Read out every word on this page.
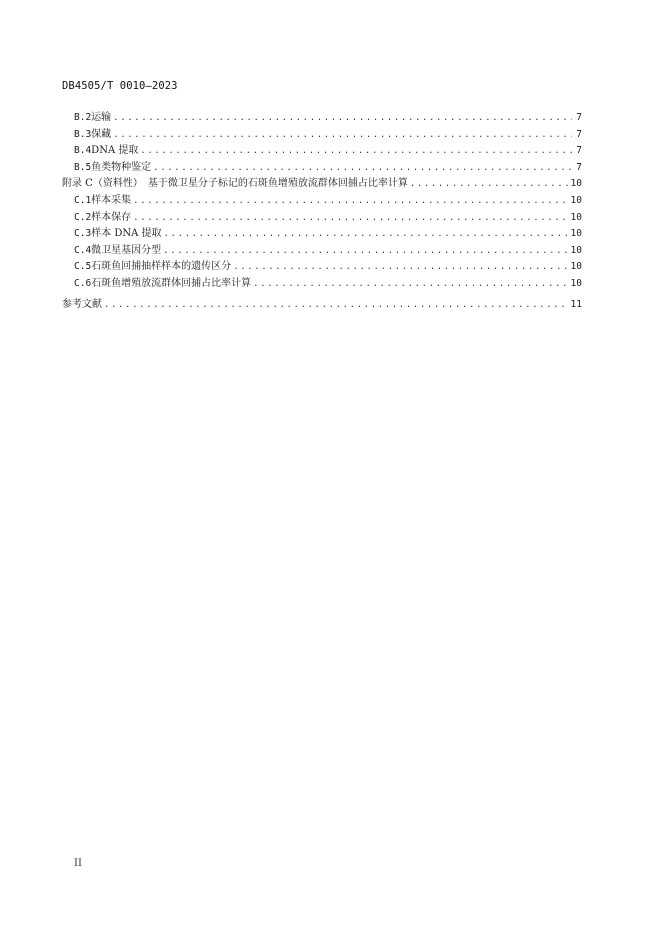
DB4505/T 0010—2023
B.2 运输 .....	7
B.3 保藏 .....	7
B.4 DNA 提取 .....	7
B.5 鱼类物种鉴定 .....	7
附录 C（资料性）　基于微卫星分子标记的石斑鱼增殖放流群体回捕占比率计算 .....	10
C.1 样本采集 .....	10
C.2 样本保存 .....	10
C.3 样本 DNA 提取 .....	10
C.4 微卫星基因分型 .....	10
C.5 石斑鱼回捕抽样样本的遗传区分 .....	10
C.6 石斑鱼增殖放流群体回捕占比率计算 .....	10
参考文献 .....	11
II
